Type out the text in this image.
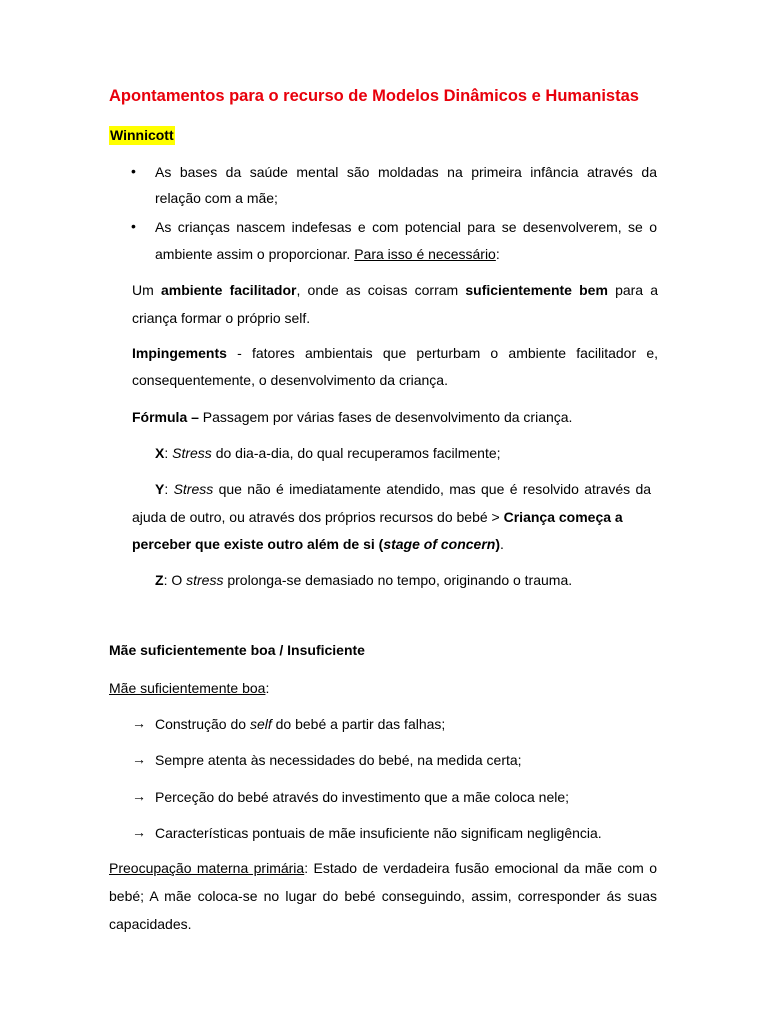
Apontamentos para o recurso de Modelos Dinâmicos e Humanistas
Winnicott
• As bases da saúde mental são moldadas na primeira infância através da
relação com a mãe;
• As crianças nascem indefesas e com potencial para se desenvolverem, se o
ambiente assim o proporcionar. Para isso é necessário:
Um ambiente facilitador, onde as coisas corram suficientemente bem para a
criança formar o próprio self.
Impingements - fatores ambientais que perturbam o ambiente facilitador e,
consequentemente, o desenvolvimento da criança.
Fórmula – Passagem por várias fases de desenvolvimento da criança.
X: Stress do dia-a-dia, do qual recuperamos facilmente;
Y: Stress que não é imediatamente atendido, mas que é resolvido através da
ajuda de outro, ou através dos próprios recursos do bebé > Criança começa a
perceber que existe outro além de si (stage of concern).
Z: O stress prolonga-se demasiado no tempo, originando o trauma.
Mãe suficientemente boa / Insuficiente
Mãe suficientemente boa:
→ Construção do self do bebé a partir das falhas;
→ Sempre atenta às necessidades do bebé, na medida certa;
→ Perceção do bebé através do investimento que a mãe coloca nele;
→ Características pontuais de mãe insuficiente não significam negligência.
Preocupação materna primária: Estado de verdadeira fusão emocional da mãe com o
bebé; A mãe coloca-se no lugar do bebé conseguindo, assim, corresponder ás suas
capacidades.
